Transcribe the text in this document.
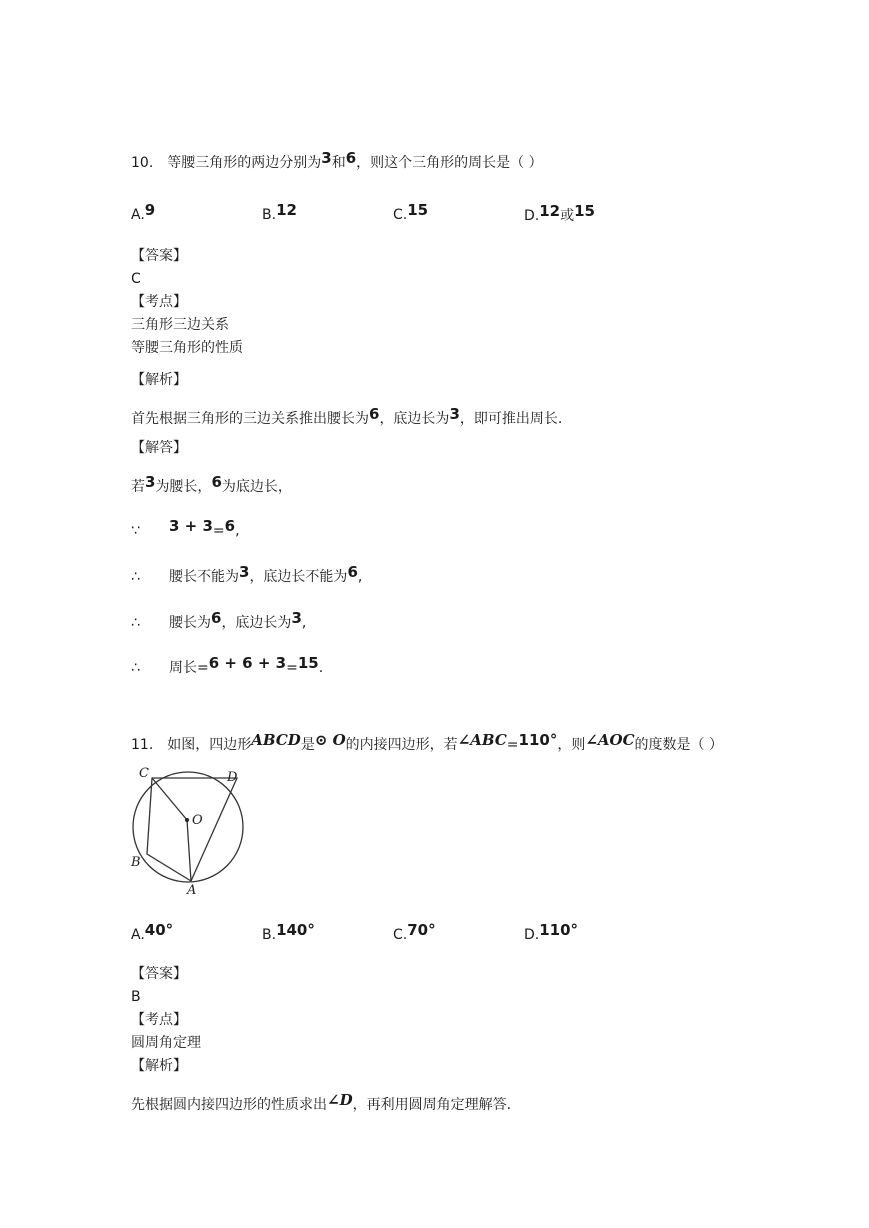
10. 等腰三角形的两边分别为3和6，则这个三角形的周长是（ ）
A.9	B.12	C.15	D.12或15
【答案】
C
【考点】
三角形三边关系
等腰三角形的性质
【解析】
首先根据三角形的三边关系推出腰长为6，底边长为3，即可推出周长.
【解答】
若3为腰长，6为底边长，
∵ 3 + 3=6,
∴ 腰长不能为3，底边长不能为6,
∴ 腰长为6，底边长为3,
∴ 周长=6 + 6 + 3=15.
11. 如图，四边形ABCD是⊙ O的内接四边形，若∠ABC=110°，则∠AOC的度数是（ ）
C	D
O
B
A
A.40°	B.140°	C.70°	D.110°
【答案】
B
【考点】
圆周角定理
【解析】
先根据圆内接四边形的性质求出∠D，再利用圆周角定理解答.
